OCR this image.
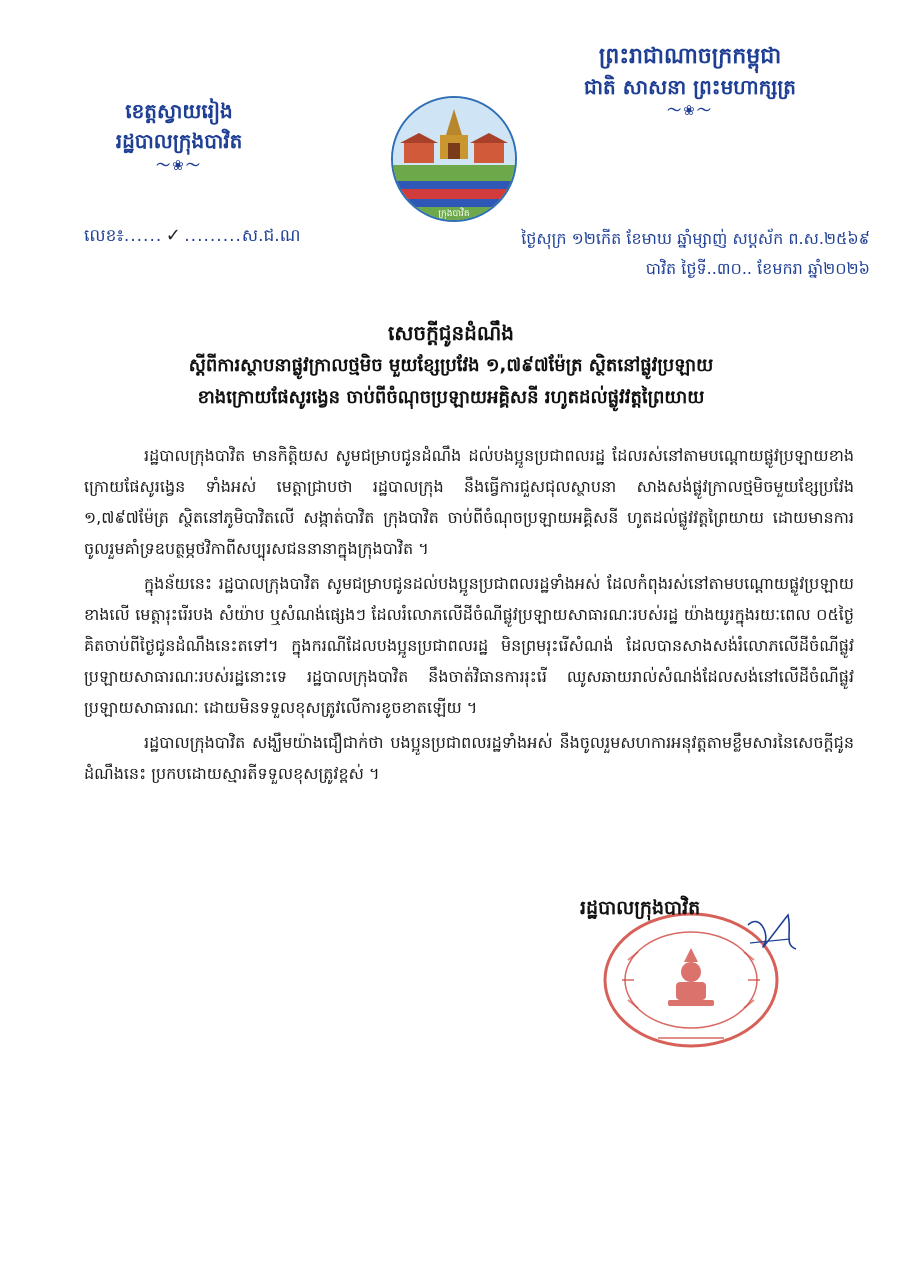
ព្រះរាជាណាចក្រកម្ពុជា
ជាតិ សាសនា ព្រះមហាក្សត្រ
〜❀〜
ខេត្តស្វាយរៀង
រដ្ឋបាលក្រុងបាវិត
〜❀〜
ក្រុងបាវិត
លេខ៖...... ✓ .........ស.ជ.ណ	ថ្ងៃសុក្រ ១២កើត ខែមាឃ ឆ្នាំម្សាញ់ សប្តស័ក ព.ស.២៥៦៩
បាវិត ថ្ងៃទី..៣០.. ខែមករា ឆ្នាំ២០២៦
សេចក្តីជូនដំណឹង
ស្តីពីការស្ថាបនាផ្លូវក្រាលថ្មមិច មួយខ្សែប្រវែង ១,៧៩៧ម៉ែត្រ ស្ថិតនៅផ្លូវប្រឡាយ
ខាងក្រោយផែសូរង្វេន ចាប់ពីចំណុចប្រឡាយអគ្គិសនី រហូតដល់ផ្លូវវត្តព្រៃយាយ

រដ្ឋបាលក្រុងបាវិត មានកិត្តិយស សូមជម្រាបជូនដំណឹង ដល់បងប្អូនប្រជាពលរដ្ឋ ដែលរស់នៅតាមបណ្តោយផ្លូវប្រឡាយខាងក្រោយផែសូរង្វេន ទាំងអស់ មេត្តាជ្រាបថា រដ្ឋបាលក្រុង នឹងធ្វើការជួសជុលស្ថាបនា សាងសង់ផ្លូវក្រាលថ្មមិចមួយខ្សែប្រវែង ១,៧៩៧ម៉ែត្រ ស្ថិតនៅភូមិបាវិតលើ សង្កាត់បាវិត ក្រុងបាវិត ចាប់ពីចំណុចប្រឡាយអគ្គិសនី ហូតដល់ផ្លូវវត្តព្រៃយាយ ដោយមានការចូលរួមគាំទ្រឧបត្ថម្ភថវិកាពីសប្បុរសជននានាក្នុងក្រុងបាវិត ។

ក្នុងន័យនេះ រដ្ឋបាលក្រុងបាវិត សូមជម្រាបជូនដល់បងប្អូនប្រជាពលរដ្ឋទាំងអស់ ដែលកំពុងរស់នៅតាមបណ្តោយផ្លូវប្រឡាយខាងលើ មេត្តារុះរើរបង សំយ៉ាប ឬសំណង់ផ្សេងៗ ដែលរំលោភលើដីចំណីផ្លូវប្រឡាយសាធារណៈរបស់រដ្ឋ យ៉ាងយូរក្នុងរយៈពេល ០៥ថ្ងៃ គិតចាប់ពីថ្ងៃជូនដំណឹងនេះតទៅ។ ក្នុងករណីដែលបងប្អូនប្រជាពលរដ្ឋ មិនព្រមរុះរើសំណង់ ដែលបានសាងសង់រំលោភលើដីចំណីផ្លូវប្រឡាយសាធារណៈរបស់រដ្ឋនោះទេ រដ្ឋបាលក្រុងបាវិត នឹងចាត់វិធានការរុះរើ ឈូសឆាយរាល់សំណង់ដែលសង់នៅលើដីចំណីផ្លូវប្រឡាយសាធារណៈ ដោយមិនទទួលខុសត្រូវលើការខូចខាតឡើយ ។

រដ្ឋបាលក្រុងបាវិត សង្ឃឹមយ៉ាងជឿជាក់ថា បងប្អូនប្រជាពលរដ្ឋទាំងអស់ នឹងចូលរួមសហការអនុវត្តតាមខ្លឹមសារនៃសេចក្តីជូនដំណឹងនេះ ប្រកបដោយស្មារតីទទួលខុសត្រូវខ្ពស់ ។

រដ្ឋបាលក្រុងបាវិត
